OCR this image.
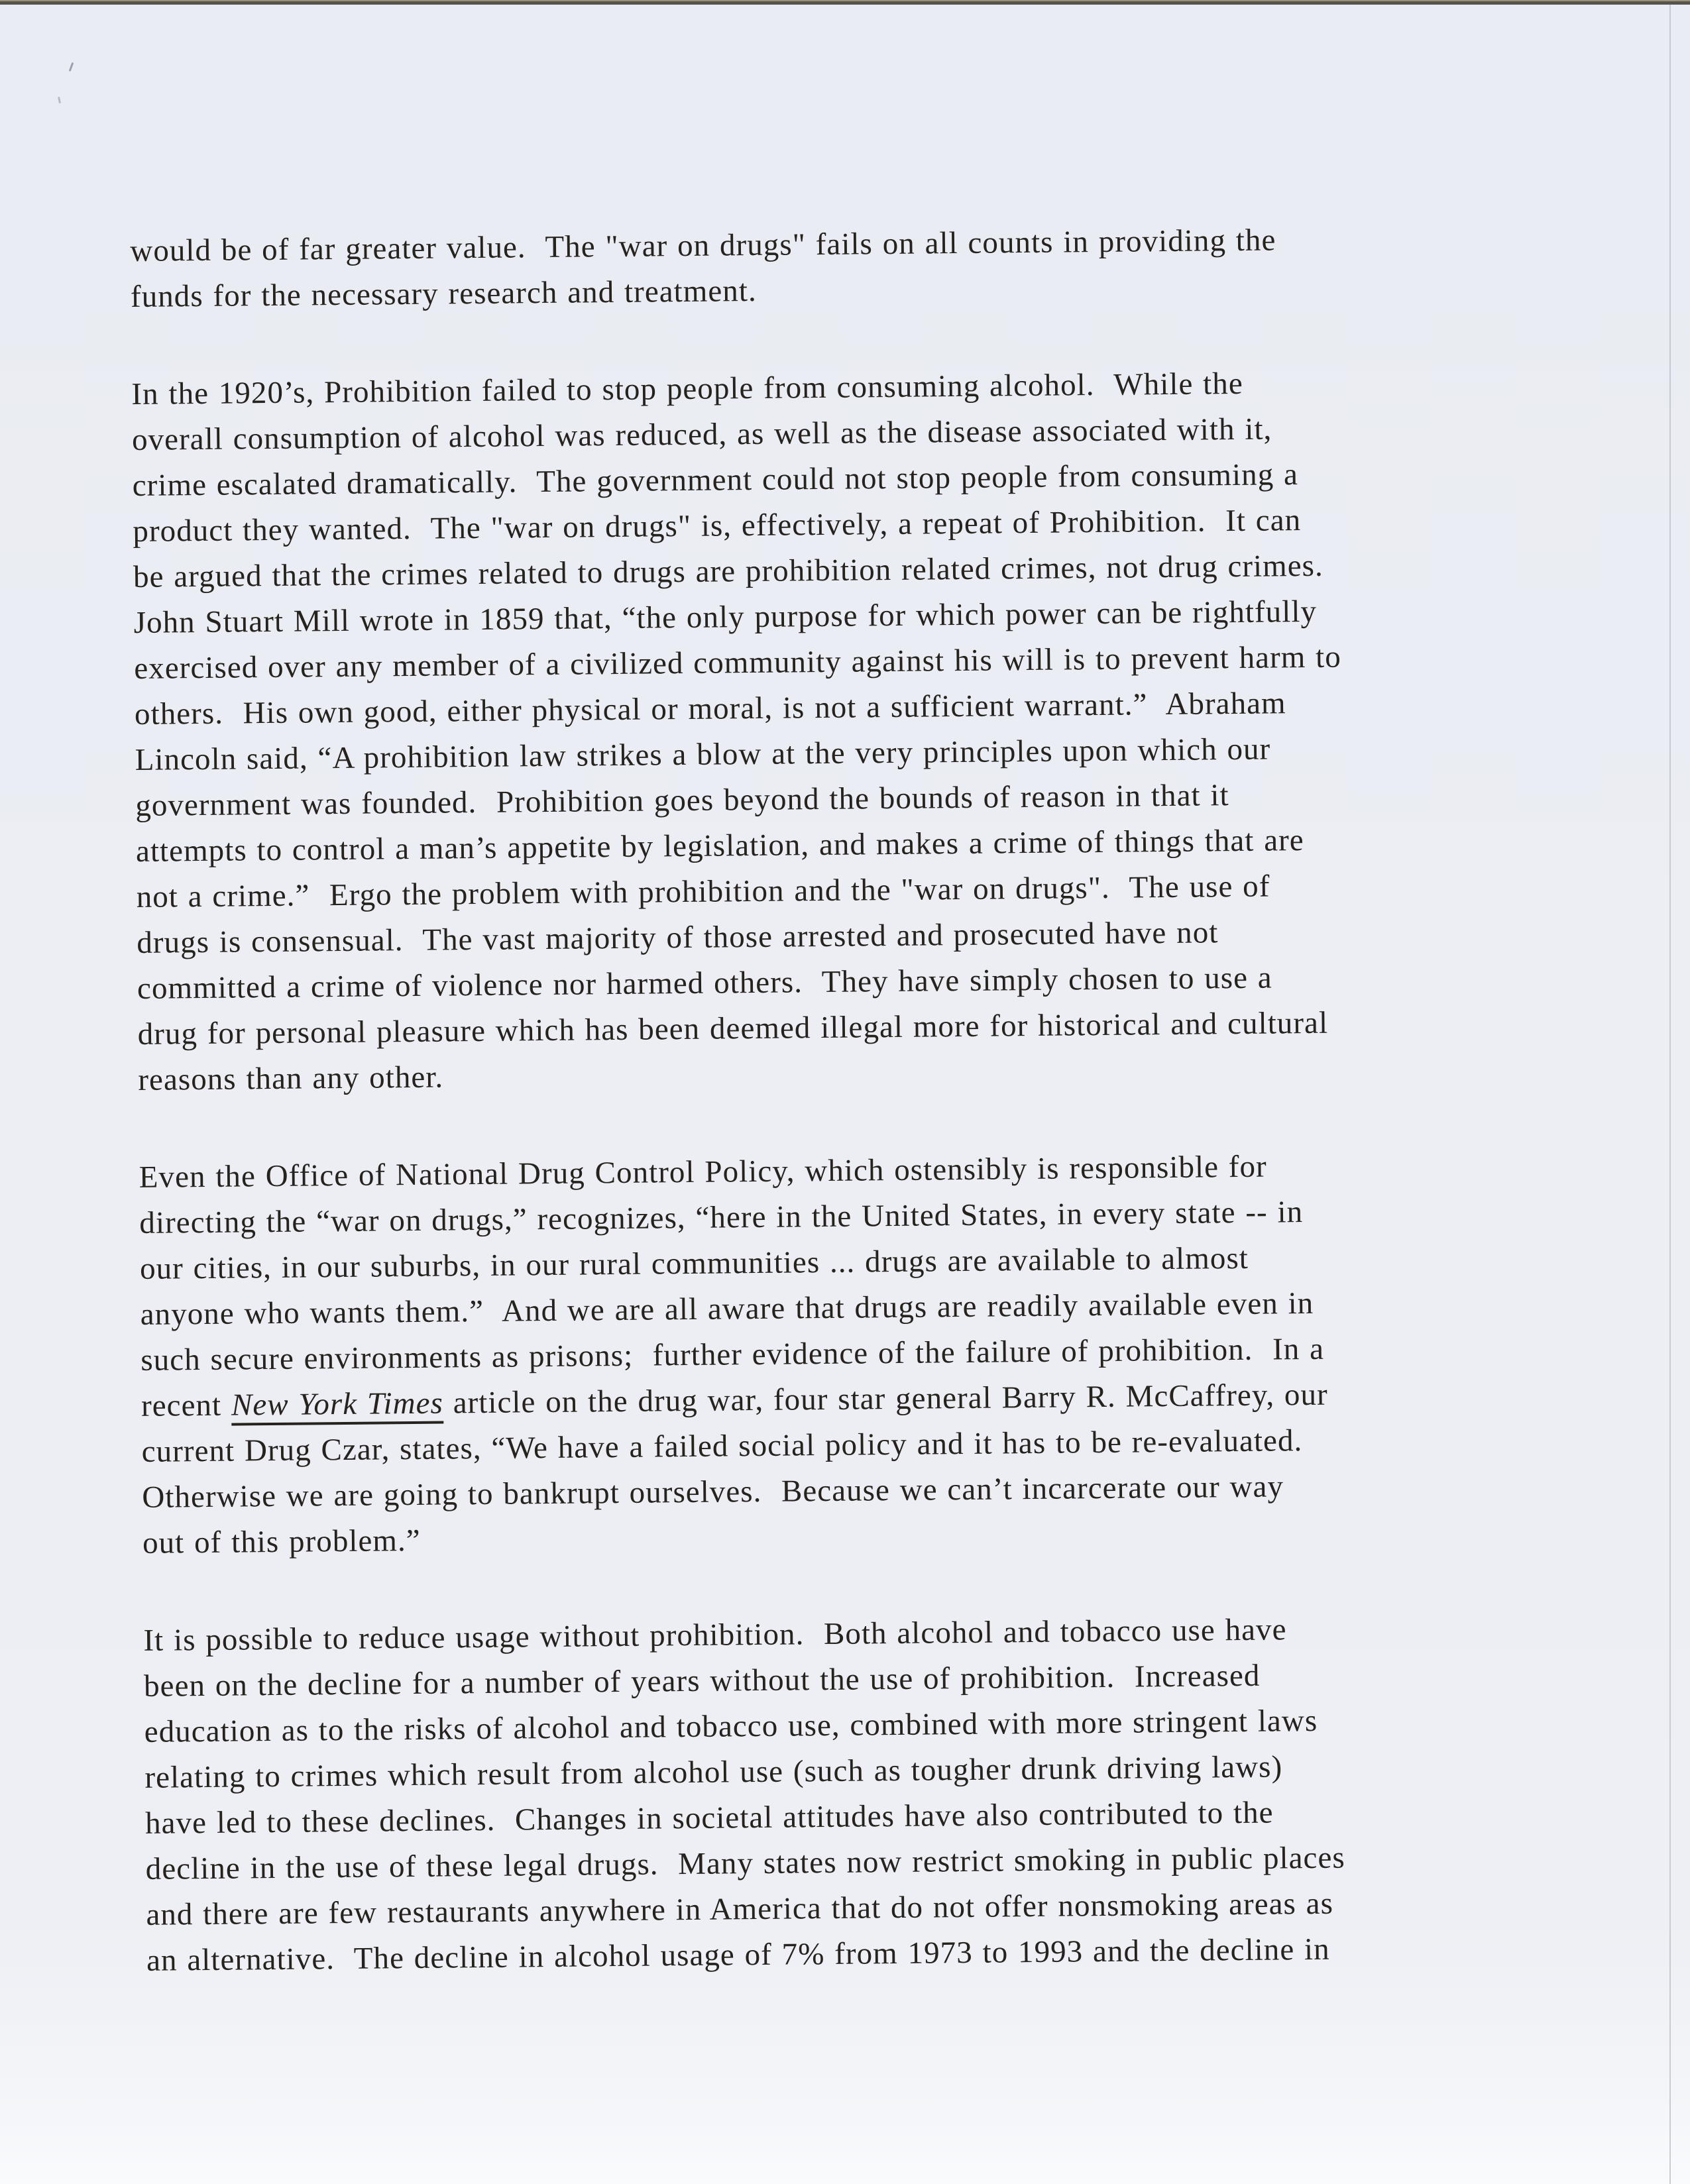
would be of far greater value.  The "war on drugs" fails on all counts in providing the
funds for the necessary research and treatment.
In the 1920’s, Prohibition failed to stop people from consuming alcohol.  While the
overall consumption of alcohol was reduced, as well as the disease associated with it,
crime escalated dramatically.  The government could not stop people from consuming a
product they wanted.  The "war on drugs" is, effectively, a repeat of Prohibition.  It can
be argued that the crimes related to drugs are prohibition related crimes, not drug crimes.
John Stuart Mill wrote in 1859 that, “the only purpose for which power can be rightfully
exercised over any member of a civilized community against his will is to prevent harm to
others.  His own good, either physical or moral, is not a sufficient warrant.”  Abraham
Lincoln said, “A prohibition law strikes a blow at the very principles upon which our
government was founded.  Prohibition goes beyond the bounds of reason in that it
attempts to control a man’s appetite by legislation, and makes a crime of things that are
not a crime.”  Ergo the problem with prohibition and the "war on drugs".  The use of
drugs is consensual.  The vast majority of those arrested and prosecuted have not
committed a crime of violence nor harmed others.  They have simply chosen to use a
drug for personal pleasure which has been deemed illegal more for historical and cultural
reasons than any other.
Even the Office of National Drug Control Policy, which ostensibly is responsible for
directing the “war on drugs,” recognizes, “here in the United States, in every state -- in
our cities, in our suburbs, in our rural communities ... drugs are available to almost
anyone who wants them.”  And we are all aware that drugs are readily available even in
such secure environments as prisons;  further evidence of the failure of prohibition.  In a
recent New York Times article on the drug war, four star general Barry R. McCaffrey, our
current Drug Czar, states, “We have a failed social policy and it has to be re-evaluated.
Otherwise we are going to bankrupt ourselves.  Because we can’t incarcerate our way
out of this problem.”
It is possible to reduce usage without prohibition.  Both alcohol and tobacco use have
been on the decline for a number of years without the use of prohibition.  Increased
education as to the risks of alcohol and tobacco use, combined with more stringent laws
relating to crimes which result from alcohol use (such as tougher drunk driving laws)
have led to these declines.  Changes in societal attitudes have also contributed to the
decline in the use of these legal drugs.  Many states now restrict smoking in public places
and there are few restaurants anywhere in America that do not offer nonsmoking areas as
an alternative.  The decline in alcohol usage of 7% from 1973 to 1993 and the decline in
